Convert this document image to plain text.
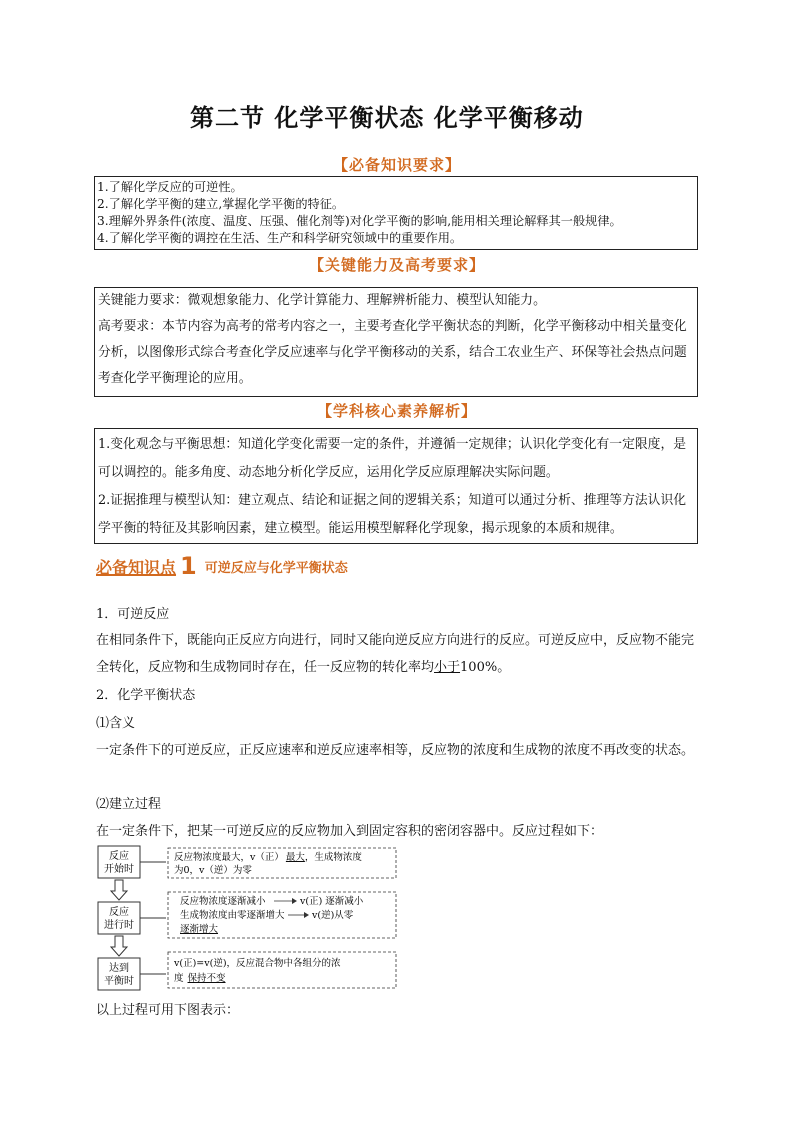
第二节 化学平衡状态 化学平衡移动
【必备知识要求】
1.了解化学反应的可逆性。
2.了解化学平衡的建立,掌握化学平衡的特征。
3.理解外界条件(浓度、温度、压强、催化剂等)对化学平衡的影响,能用相关理论解释其一般规律。
4.了解化学平衡的调控在生活、生产和科学研究领域中的重要作用。
【关键能力及高考要求】
关键能力要求：微观想象能力、化学计算能力、理解辨析能力、模型认知能力。
高考要求：本节内容为高考的常考内容之一，主要考查化学平衡状态的判断，化学平衡移动中相关量变化分析，以图像形式综合考查化学反应速率与化学平衡移动的关系，结合工农业生产、环保等社会热点问题考查化学平衡理论的应用。
【学科核心素养解析】
1.变化观念与平衡思想：知道化学变化需要一定的条件，并遵循一定规律；认识化学变化有一定限度，是可以调控的。能多角度、动态地分析化学反应，运用化学反应原理解决实际问题。
2.证据推理与模型认知：建立观点、结论和证据之间的逻辑关系；知道可以通过分析、推理等方法认识化学平衡的特征及其影响因素，建立模型。能运用模型解释化学现象，揭示现象的本质和规律。
必备知识点 1 可逆反应与化学平衡状态
1．可逆反应
在相同条件下，既能向正反应方向进行，同时又能向逆反应方向进行的反应。可逆反应中，反应物不能完全转化，反应物和生成物同时存在，任一反应物的转化率均小于100%。
2．化学平衡状态
⑴含义
一定条件下的可逆反应，正反应速率和逆反应速率相等，反应物的浓度和生成物的浓度不再改变的状态。
⑵建立过程
在一定条件下，把某一可逆反应的反应物加入到固定容积的密闭容器中。反应过程如下：
反应
开始时
反应
进行时
达到
平衡时
反应物浓度最大，v（正） 最大，生成物浓度
为0，v（逆）为零
反应物浓度逐渐减小	v(正) 逐渐减小
生成物浓度由零逐渐增大	v(逆)从零
逐渐增大
v(正)=v(逆)，反应混合物中各组分的浓
度 保持不变
以上过程可用下图表示：
